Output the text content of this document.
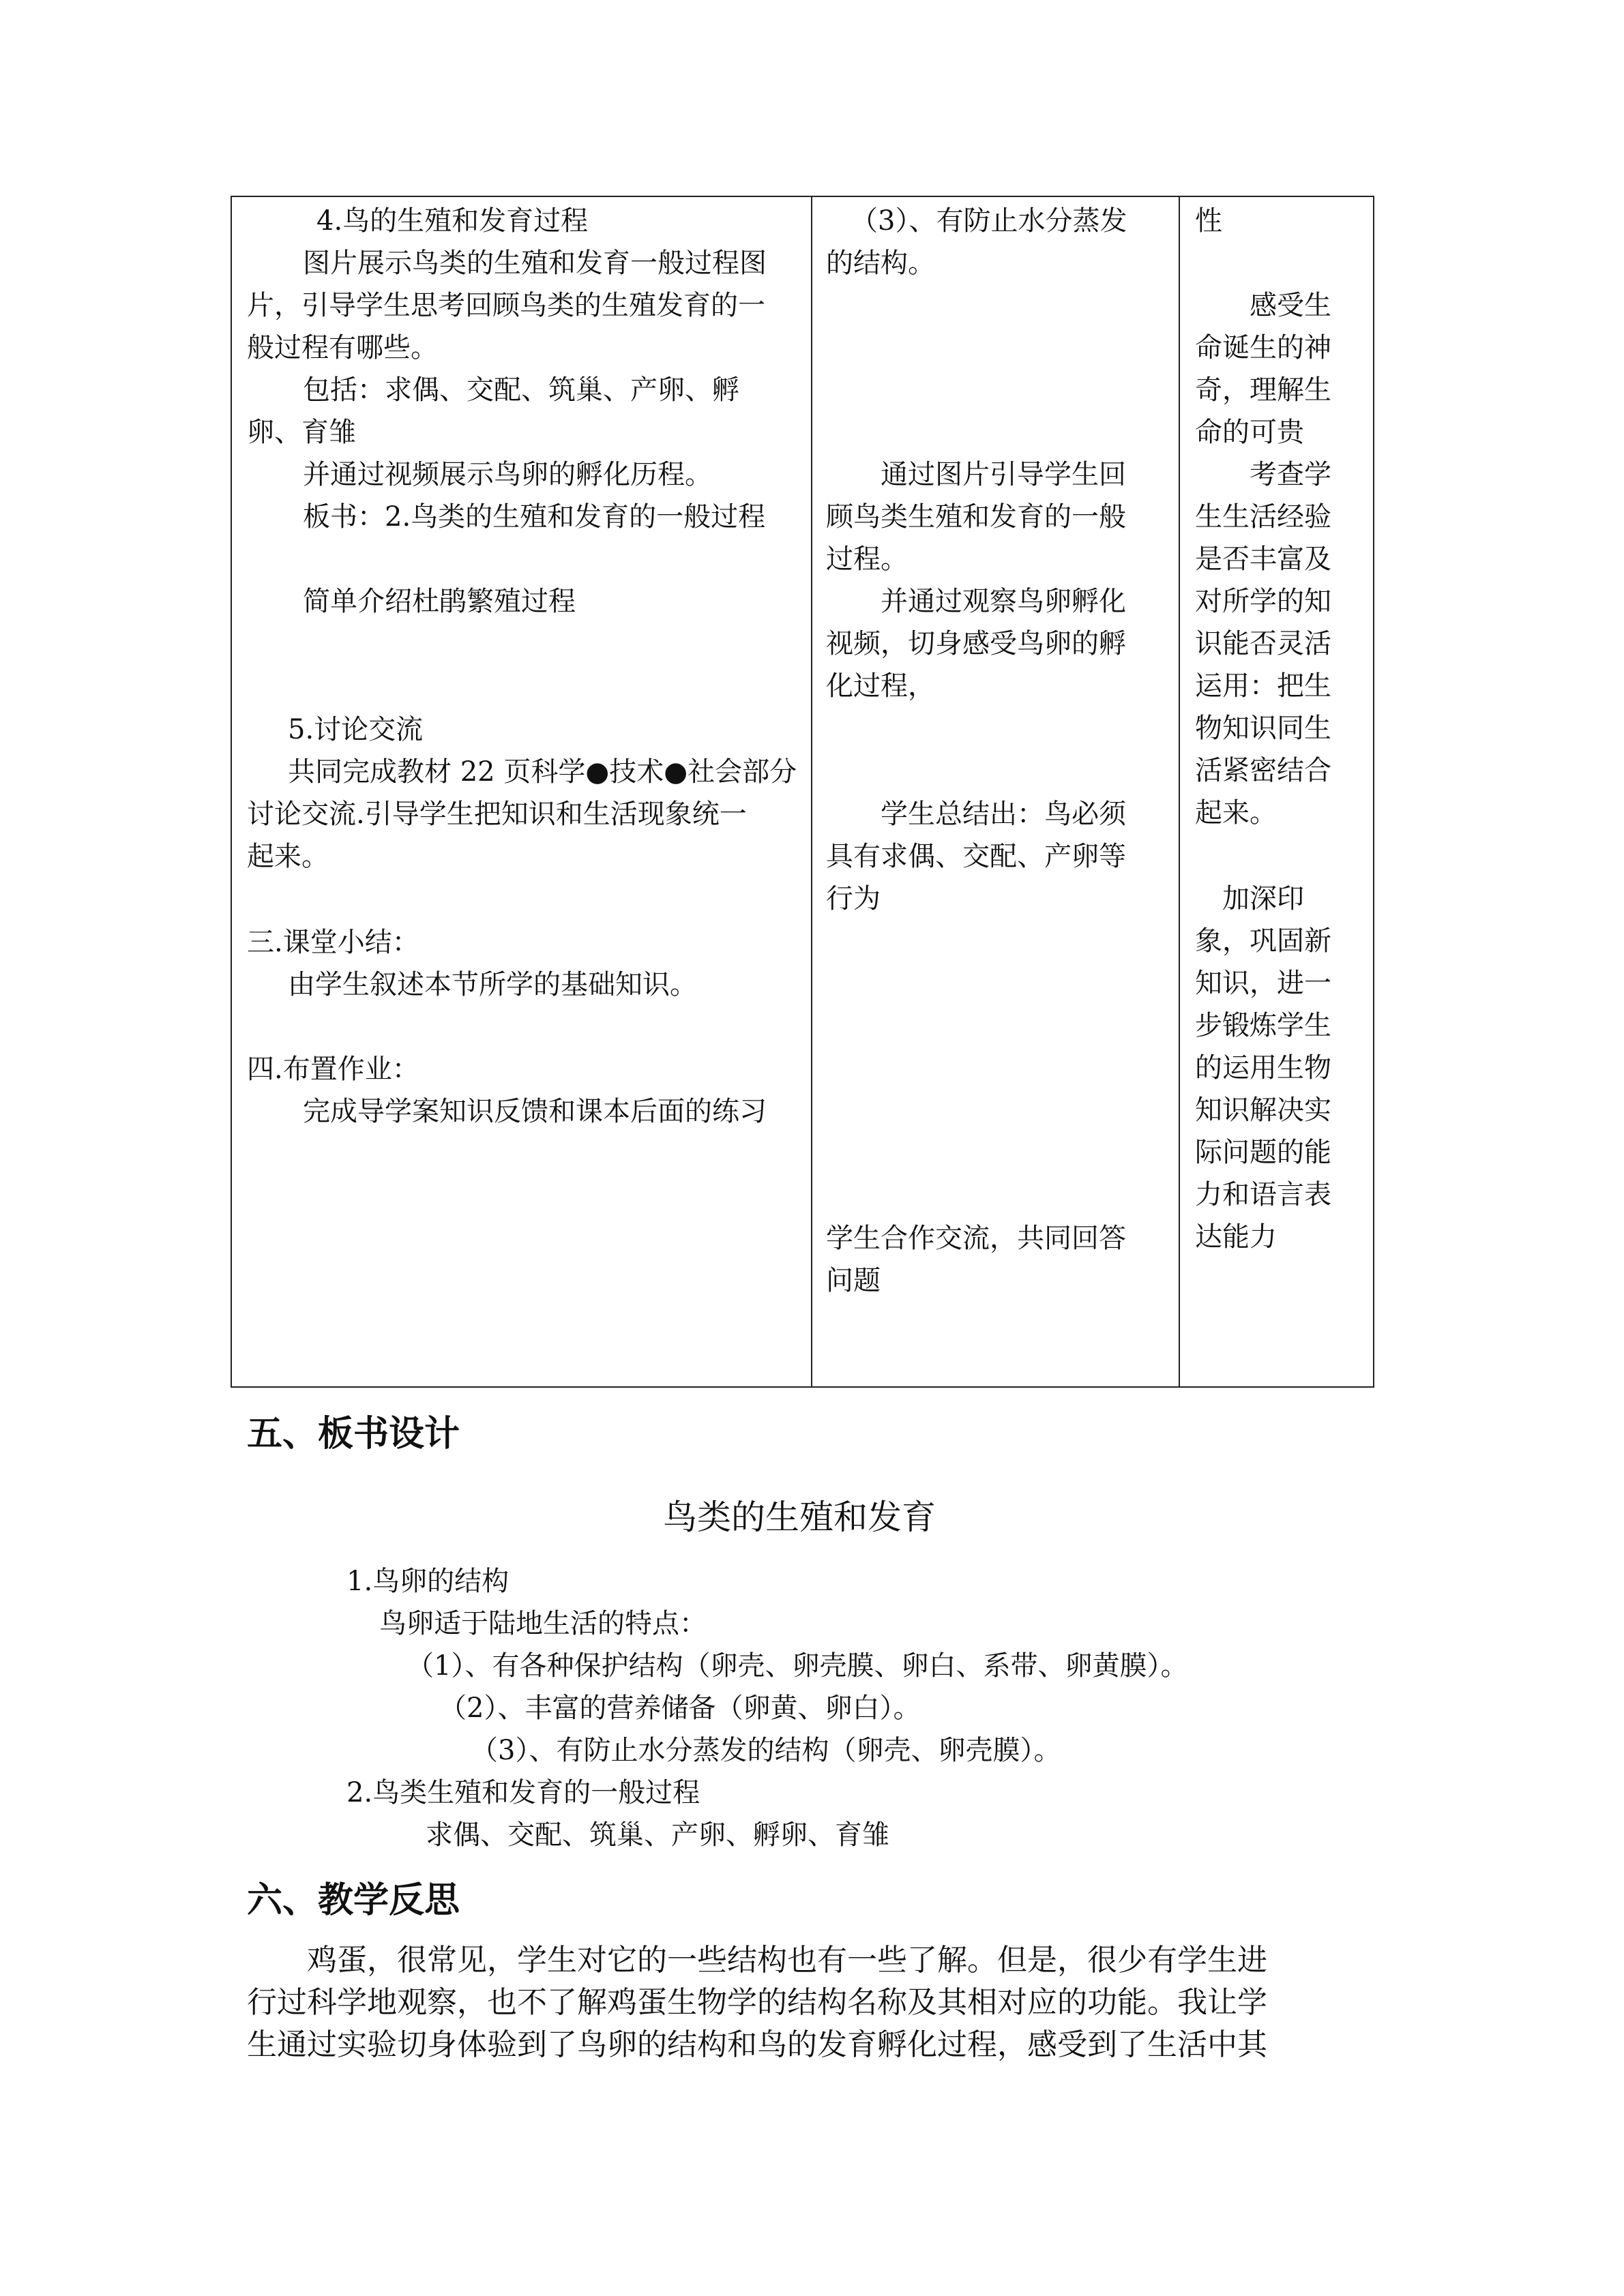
4.鸟的生殖和发育过程
图片展示鸟类的生殖和发育一般过程图
片，引导学生思考回顾鸟类的生殖发育的一
般过程有哪些。
包括：求偶、交配、筑巢、产卵、孵
卵、育雏
并通过视频展示鸟卵的孵化历程。
板书：2.鸟类的生殖和发育的一般过程
简单介绍杜鹃繁殖过程
5.讨论交流
共同完成教材 22 页科学●技术●社会部分
讨论交流.引导学生把知识和生活现象统一
起来。
三.课堂小结：
由学生叙述本节所学的基础知识。
四.布置作业：
完成导学案知识反馈和课本后面的练习
（3）、有防止水分蒸发
的结构。
通过图片引导学生回
顾鸟类生殖和发育的一般
过程。
并通过观察鸟卵孵化
视频，切身感受鸟卵的孵
化过程，
学生总结出：鸟必须
具有求偶、交配、产卵等
行为
学生合作交流，共同回答
问题
性
感受生
命诞生的神
奇，理解生
命的可贵
考查学
生生活经验
是否丰富及
对所学的知
识能否灵活
运用：把生
物知识同生
活紧密结合
起来。
加深印
象，巩固新
知识，进一
步锻炼学生
的运用生物
知识解决实
际问题的能
力和语言表
达能力
五、板书设计
鸟类的生殖和发育
1.鸟卵的结构
鸟卵适于陆地生活的特点：
（1）、有各种保护结构（卵壳、卵壳膜、卵白、系带、卵黄膜）。
（2）、丰富的营养储备（卵黄、卵白）。
（3）、有防止水分蒸发的结构（卵壳、卵壳膜）。
2.鸟类生殖和发育的一般过程
求偶、交配、筑巢、产卵、孵卵、育雏
六、教学反思
鸡蛋，很常见，学生对它的一些结构也有一些了解。但是，很少有学生进
行过科学地观察，也不了解鸡蛋生物学的结构名称及其相对应的功能。我让学
生通过实验切身体验到了鸟卵的结构和鸟的发育孵化过程，感受到了生活中其
